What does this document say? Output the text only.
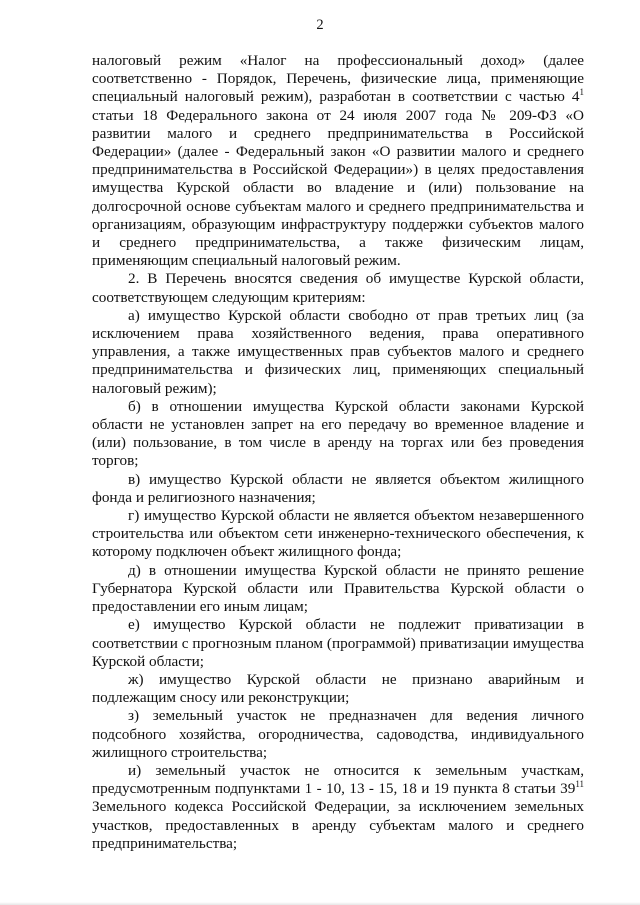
2

налоговый режим «Налог на профессиональный доход» (далее соответственно - Порядок, Перечень, физические лица, применяющие специальный налоговый режим), разработан в соответствии с частью $4^1$ статьи 18 Федерального закона от 24 июля 2007 года № 209-ФЗ «О развитии малого и среднего предпринимательства в Российской Федерации» (далее - Федеральный закон «О развитии малого и среднего предпринимательства в Российской Федерации») в целях предоставления имущества Курской области во владение и (или) пользование на долгосрочной основе субъектам малого и среднего предпринимательства и организациям, образующим инфраструктуру поддержки субъектов малого и среднего предпринимательства, а также физическим лицам, применяющим специальный налоговый режим.

2. В Перечень вносятся сведения об имуществе Курской области, соответствующем следующим критериям:

а) имущество Курской области свободно от прав третьих лиц (за исключением права хозяйственного ведения, права оперативного управления, а также имущественных прав субъектов малого и среднего предпринимательства и физических лиц, применяющих специальный налоговый режим);

б) в отношении имущества Курской области законами Курской области не установлен запрет на его передачу во временное владение и (или) пользование, в том числе в аренду на торгах или без проведения торгов;

в) имущество Курской области не является объектом жилищного фонда и религиозного назначения;

г) имущество Курской области не является объектом незавершенного строительства или объектом сети инженерно-технического обеспечения, к которому подключен объект жилищного фонда;

д) в отношении имущества Курской области не принято решение Губернатора Курской области или Правительства Курской области о предоставлении его иным лицам;

е) имущество Курской области не подлежит приватизации в соответствии с прогнозным планом (программой) приватизации имущества Курской области;

ж) имущество Курской области не признано аварийным и подлежащим сносу или реконструкции;

з) земельный участок не предназначен для ведения личного подсобного хозяйства, огородничества, садоводства, индивидуального жилищного строительства;

и) земельный участок не относится к земельным участкам, предусмотренным подпунктами 1 - 10, 13 - 15, 18 и 19 пункта 8 статьи $39^{11}$ Земельного кодекса Российской Федерации, за исключением земельных участков, предоставленных в аренду субъектам малого и среднего предпринимательства;
